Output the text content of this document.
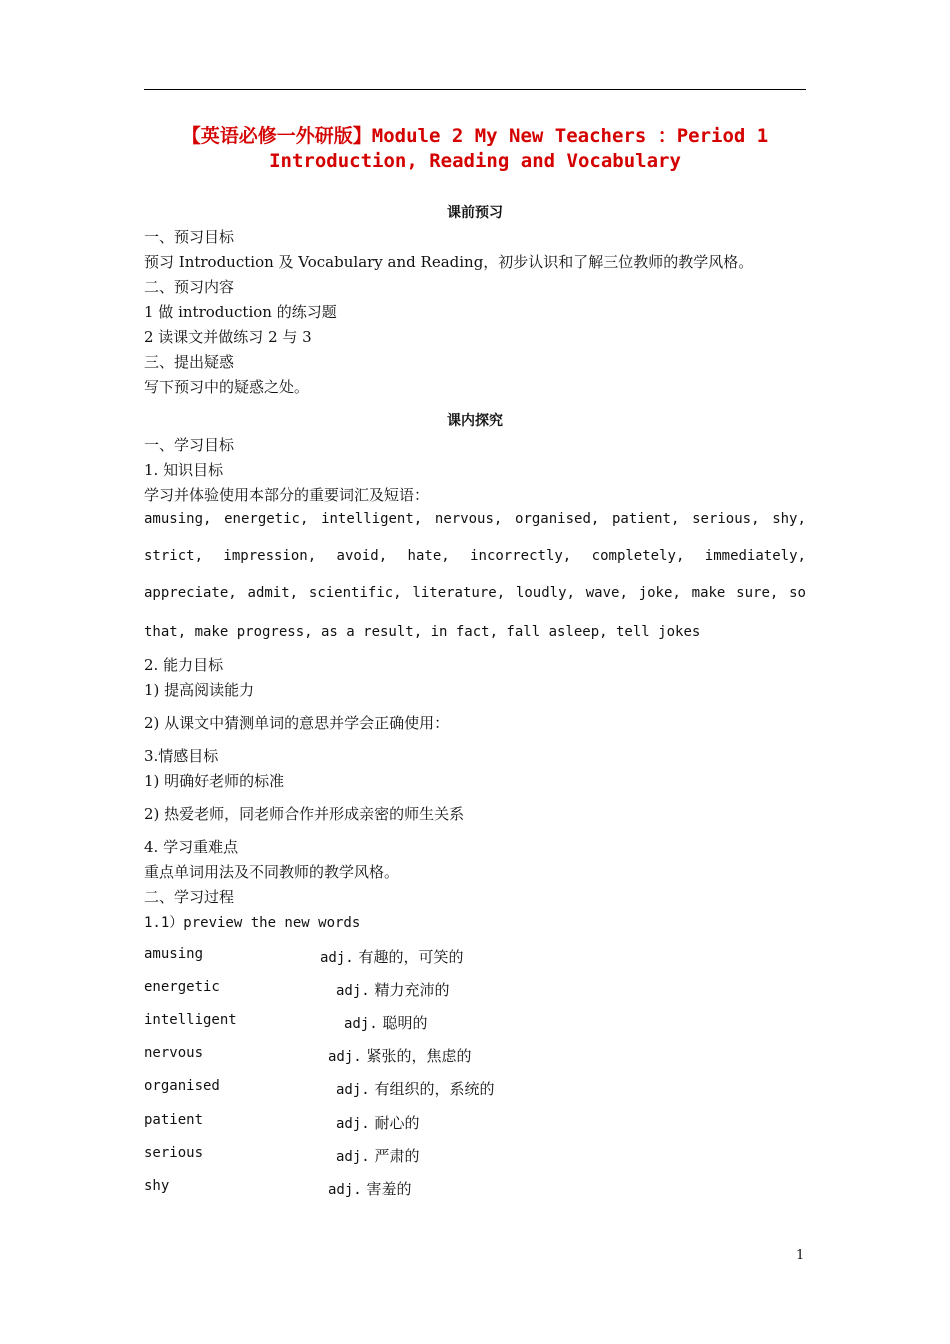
【英语必修一外研版】Module 2 My New Teachers ：Period 1
Introduction, Reading and Vocabulary
课前预习
一、预习目标
预习 Introduction 及 Vocabulary and Reading，初步认识和了解三位教师的教学风格。
二、预习内容
1 做 introduction 的练习题
2 读课文并做练习 2 与 3
三、提出疑惑
写下预习中的疑惑之处。
课内探究
一、学习目标
1. 知识目标
学习并体验使用本部分的重要词汇及短语：
amusing, energetic, intelligent, nervous, organised, patient, serious, shy,
strict, impression, avoid, hate, incorrectly, completely, immediately,
appreciate, admit, scientific, literature, loudly, wave, joke, make sure, so
that, make progress, as a result, in fact, fall asleep, tell jokes
2. 能力目标
1) 提高阅读能力
2) 从课文中猜测单词的意思并学会正确使用：
3.情感目标
1) 明确好老师的标准
2) 热爱老师，同老师合作并形成亲密的师生关系
4. 学习重难点
重点单词用法及不同教师的教学风格。
二、学习过程
1.1）preview the new words
amusing	adj. 有趣的，可笑的
energetic	adj. 精力充沛的
intelligent	adj. 聪明的
nervous	adj. 紧张的，焦虑的
organised	adj. 有组织的，系统的
patient	adj. 耐心的
serious	adj. 严肃的
shy	adj. 害羞的
1
